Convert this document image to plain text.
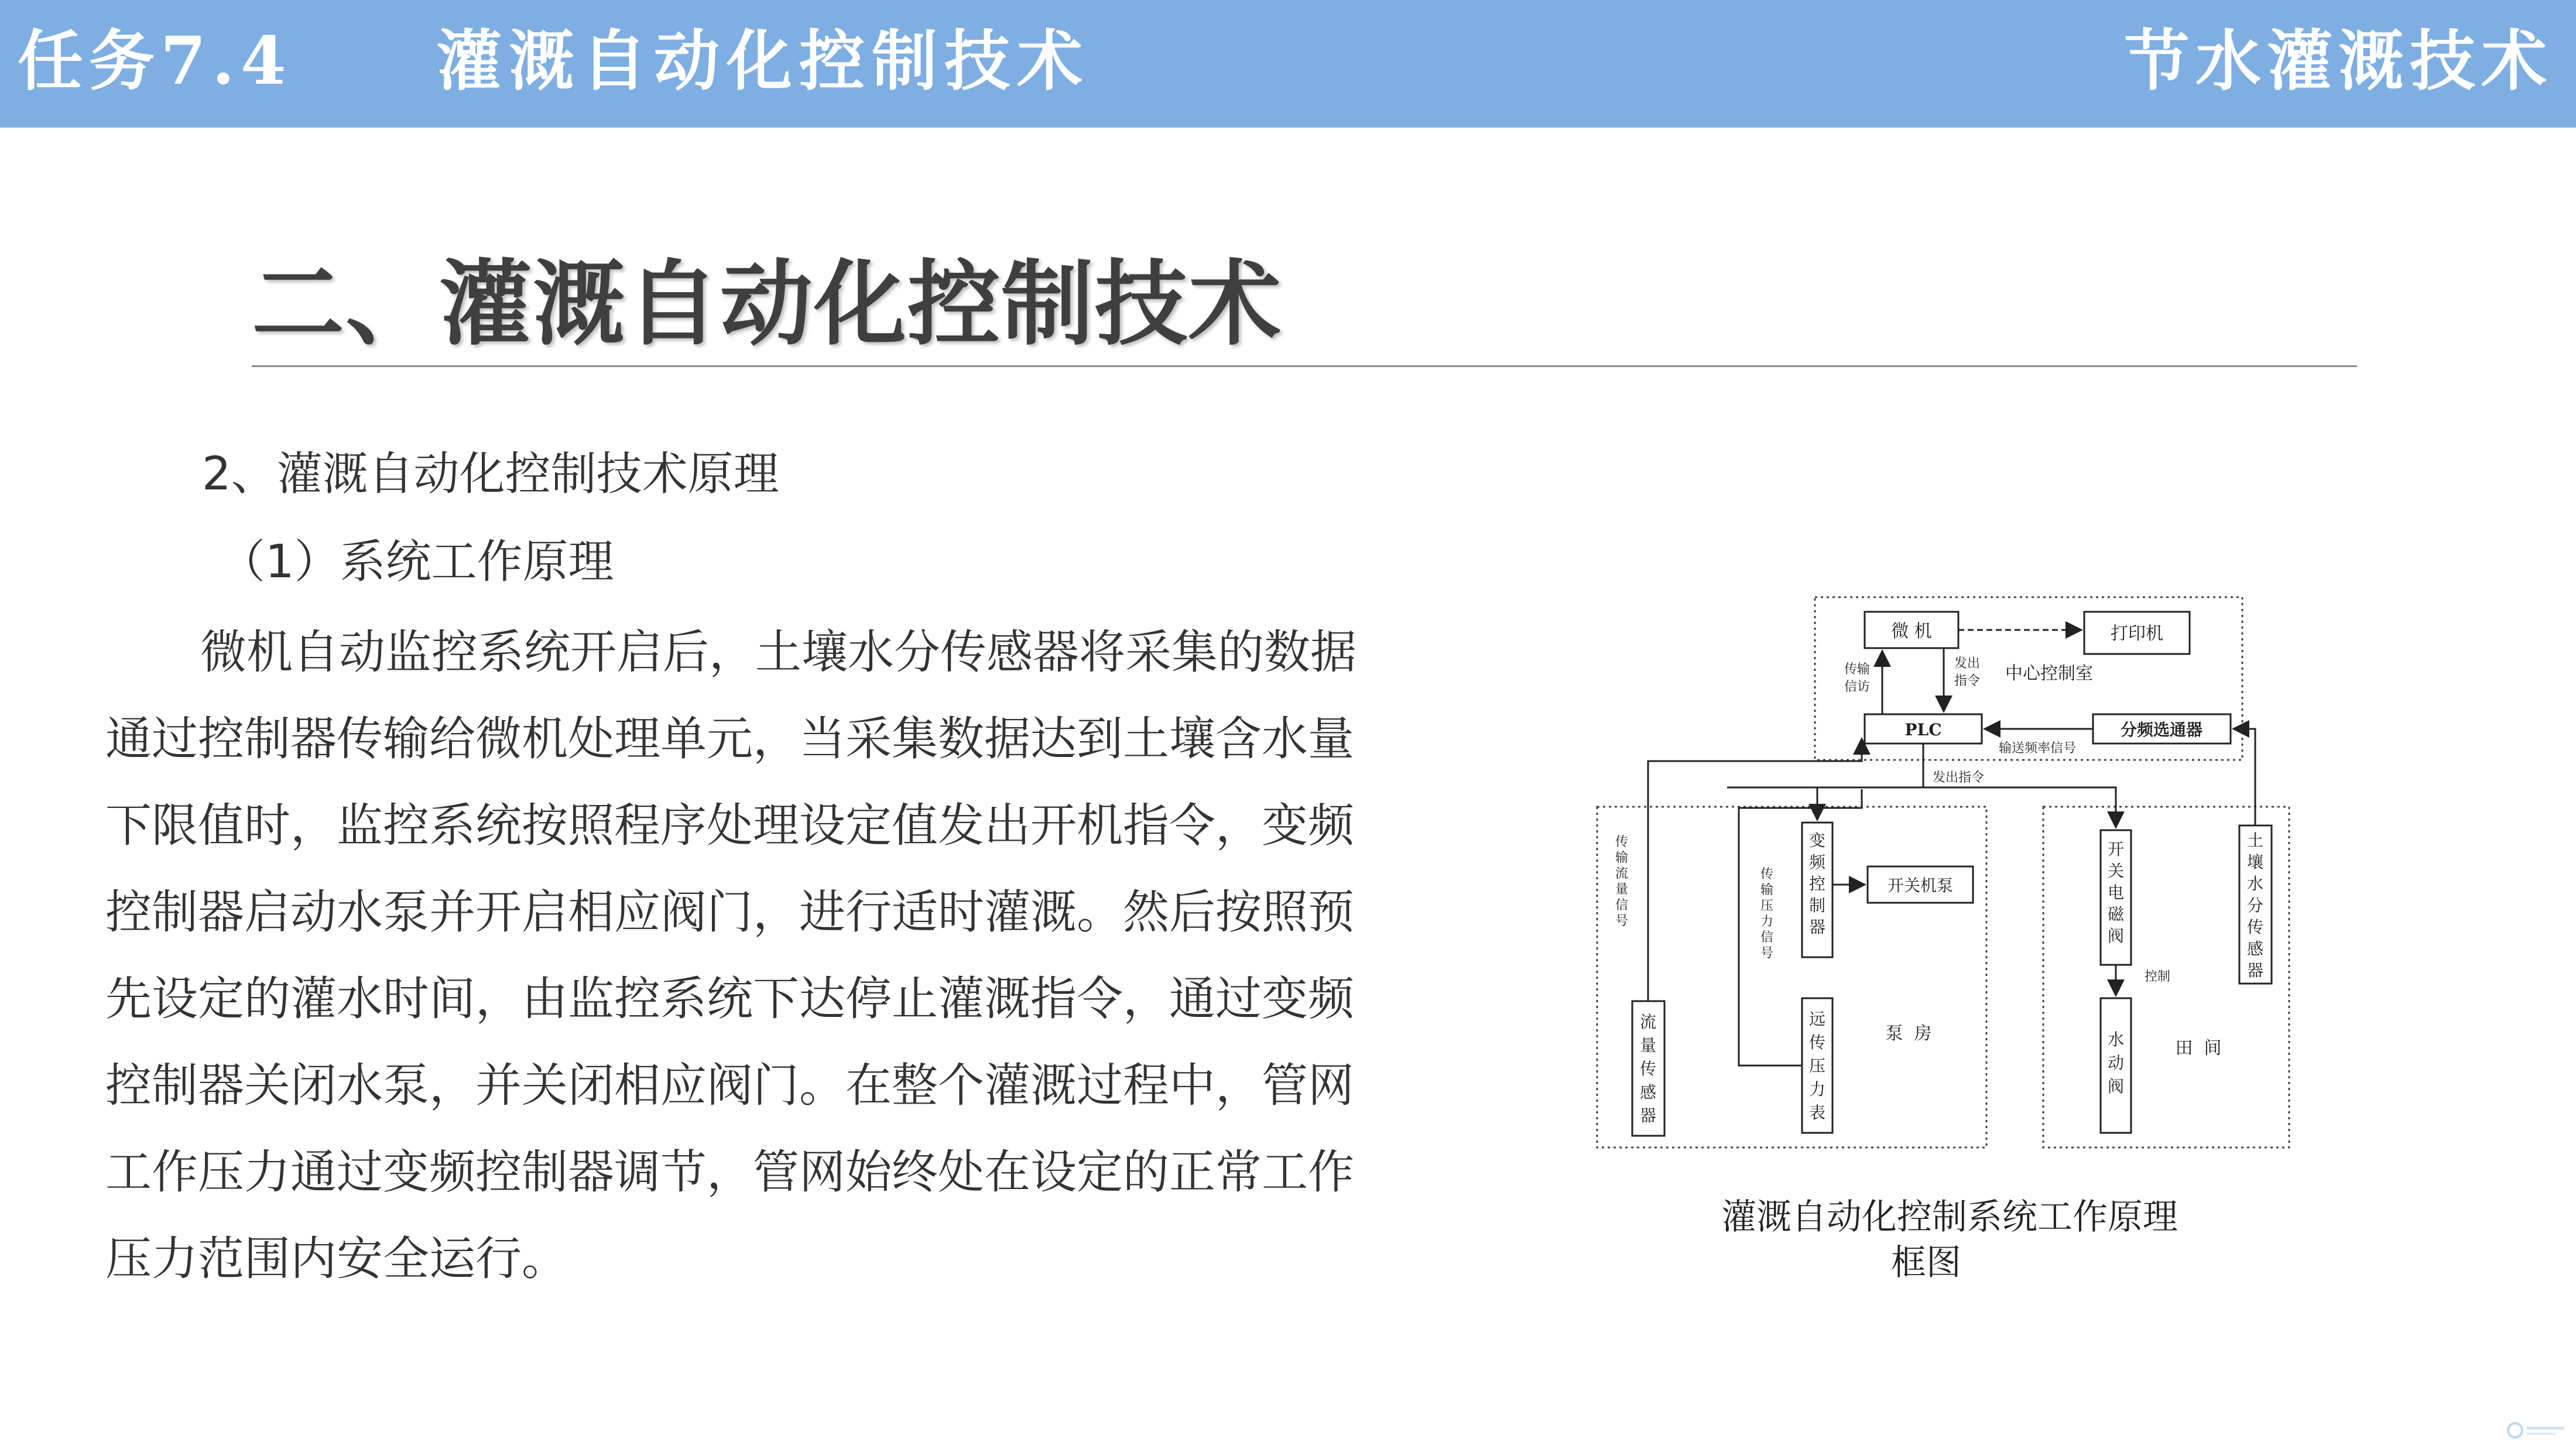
任务7.4 灌溉自动化控制技术	节水灌溉技术
二、灌溉自动化控制技术
2、灌溉自动化控制技术原理
（1）系统工作原理
微机自动监控系统开启后，土壤水分传感器将采集的数据
通过控制器传输给微机处理单元，当采集数据达到土壤含水量
下限值时，监控系统按照程序处理设定值发出开机指令，变频
控制器启动水泵并开启相应阀门，进行适时灌溉。然后按照预
先设定的灌水时间，由监控系统下达停止灌溉指令，通过变频
控制器关闭水泵，并关闭相应阀门。在整个灌溉过程中，管网
工作压力通过变频控制器调节，管网始终处在设定的正常工作
压力范围内安全运行。
微 机	打印机
PLC	分频选通器
开关机泵
变
频
控
制
器
远
传
压
力
表
流
量
传
感
器
开
关
电
磁
阀
水
动
阀
土
壤
水
分
传
感
器
传输
信访
发出
指令 中心控制室
输送频率信号
发出指令
传
输
流
量
信
号
传
输
压
力
信
号
泵  房
控制
田  间
灌溉自动化控制系统工作原理
框图
